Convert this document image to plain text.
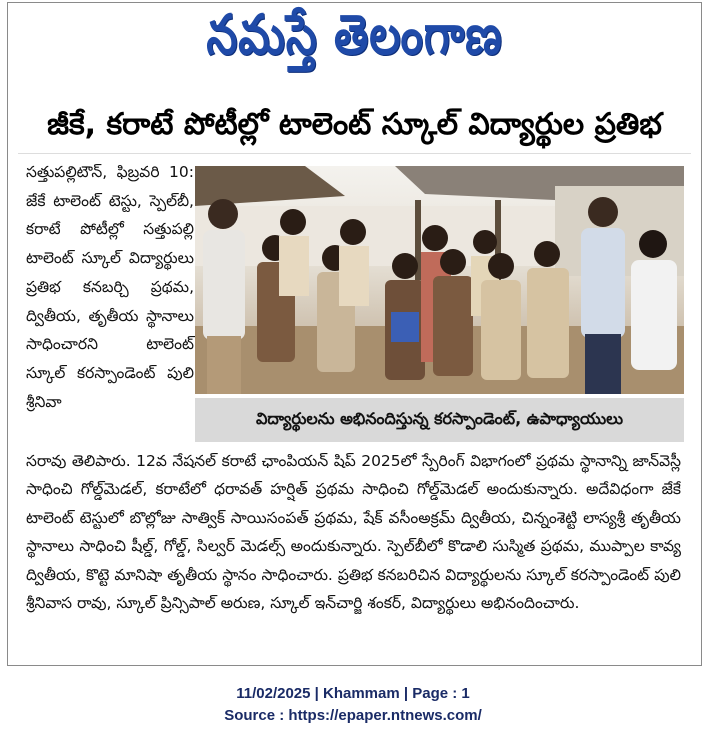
నమస్తే తెలంగాణ
జీకే, కరాటే పోటీల్లో టాలెంట్ స్కూల్ విద్యార్థుల ప్రతిభ

సత్తుపల్లిటౌన్, ఫిబ్రవరి 10: జేకే టాలెంట్ టెస్టు, స్పెల్‌బీ, కరాటే పోటీల్లో సత్తుపల్లి టాలెంట్ స్కూల్ విద్యార్థులు ప్రతిభ కనబర్చి ప్రథమ, ద్వితీయ, తృతీయ స్థానాలు సాధించారని టాలెంట్ స్కూల్ కరస్పాండెంట్ పులి శ్రీనివా

విద్యార్థులను అభినందిస్తున్న కరస్పాండెంట్, ఉపాధ్యాయులు

సరావు తెలిపారు. 12వ నేషనల్ కరాటే ఛాంపియన్ షిప్ 2025లో స్పేరింగ్ విభాగంలో ప్రథమ స్థానాన్ని జాన్‌వెస్లీ సాధించి గోల్డ్‌మెడల్, కరాటేలో ధరావత్ హర్షిత్ ప్రథమ సాధించి గోల్డ్‌మెడల్ అందుకున్నారు. అదేవిధంగా జేకే టాలెంట్ టెస్టులో బొల్లోజు సాత్విక్ సాయిసంపత్ ప్రథమ, షేక్ వసీంఅక్రమ్ ద్వితీయ, చిన్నంశెట్టి లాస్యశ్రీ తృతీయ స్థానాలు సాధించి షీల్డ్, గోల్డ్, సిల్వర్ మెడల్స్ అందుకున్నారు. స్పెల్‌బీలో కొడాలి సుస్మిత ప్రథమ, ముప్పాల కావ్య ద్వితీయ, కొట్టె మానిషా తృతీయ స్థానం సాధించారు. ప్రతిభ కనబరిచిన విద్యార్థులను స్కూల్ కరస్పాండెంట్ పులి శ్రీనివాస రావు, స్కూల్ ప్రిన్సిపాల్ అరుణ, స్కూల్ ఇన్‌చార్జి శంకర్, విద్యార్థులు అభినందించారు.

11/02/2025 | Khammam | Page : 1
Source : https://epaper.ntnews.com/
